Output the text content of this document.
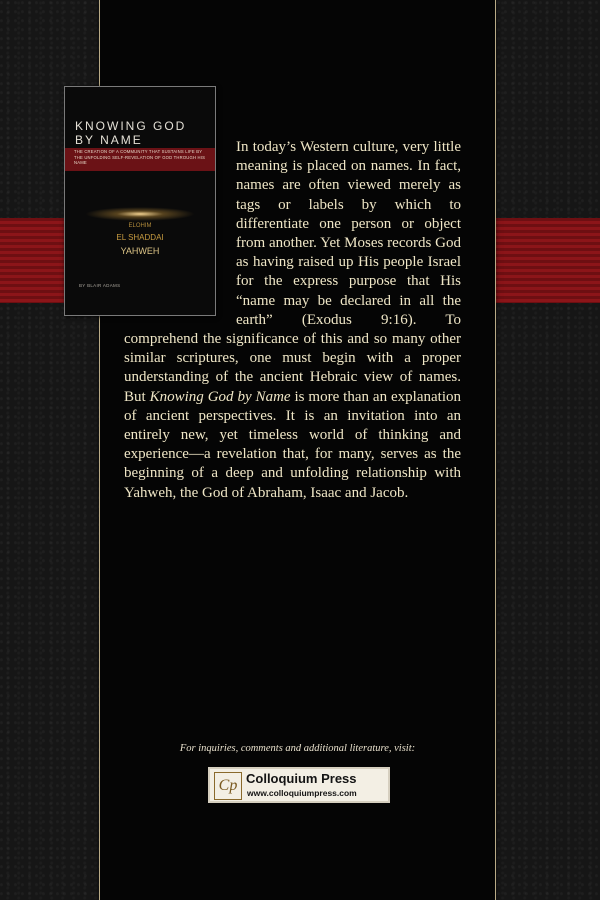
KNOWING GOD
BY NAME
THE CREATION OF A COMMUNITY THAT SUSTAINS LIFE BY THE UNFOLDING SELF-REVELATION OF GOD THROUGH HIS NAME
ELOHIM
EL SHADDAI
YAHWEH
BY BLAIR ADAMS
In today’s Western culture, very little meaning is placed on names. In fact, names are often viewed merely as tags or labels by which to differentiate one person or object from another. Yet Moses records God as having raised up His people Israel for the express purpose that His “name may be declared in all the earth” (Exodus 9:16). To comprehend the significance of this and so many other similar scriptures, one must begin with a proper understanding of the ancient Hebraic view of names. But Knowing God by Name is more than an explanation of ancient perspectives. It is an invitation into an entirely new, yet timeless world of thinking and experience—a revelation that, for many, serves as the beginning of a deep and unfolding relationship with Yahweh, the God of Abraham, Isaac and Jacob.
For inquiries, comments and additional literature, visit:
Cp Colloquium Press
www.colloquiumpress.com
